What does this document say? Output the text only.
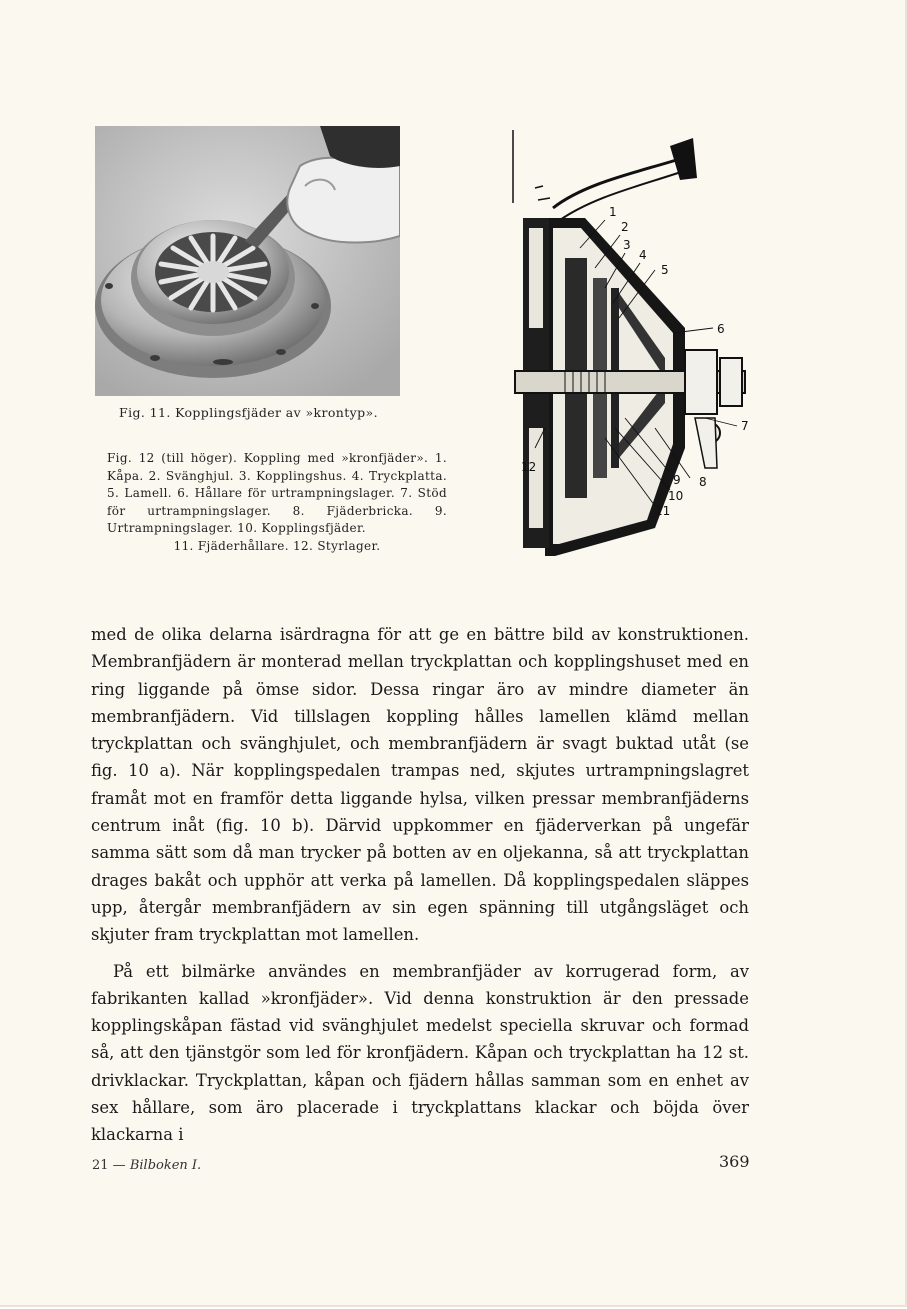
Fig. 11. Kopplingsfjäder av »krontyp».
Fig. 12 (till höger). Koppling med »kronfjäder». 1. Kåpa. 2. Svänghjul. 3. Kopplingshus. 4. Tryckplatta. 5. Lamell. 6. Hållare för urtrampningslager. 7. Stöd för urtrampningslager. 8. Fjäderbricka. 9. Urtrampningslager. 10. Kopplingsfjäder.
11. Fjäderhållare. 12. Styrlager.
1
2
3
4
5
6
7
8
9
10
11
12

med de olika delarna isärdragna för att ge en bättre bild av konstruktionen. Membranfjädern är monterad mellan tryckplattan och kopplingshuset med en ring liggande på ömse sidor. Dessa ringar äro av mindre diameter än membranfjädern. Vid tillslagen koppling hålles lamellen klämd mellan tryckplattan och svänghjulet, och membranfjädern är svagt buktad utåt (se fig. 10 a). När kopplingspedalen trampas ned, skjutes urtrampningslagret framåt mot en framför detta liggande hylsa, vilken pressar membranfjäderns centrum inåt (fig. 10 b). Därvid uppkommer en fjäderverkan på ungefär samma sätt som då man trycker på botten av en oljekanna, så att tryckplattan drages bakåt och upphör att verka på lamellen. Då kopplingspedalen släppes upp, återgår membranfjädern av sin egen spänning till utgångsläget och skjuter fram tryckplattan mot lamellen.

På ett bilmärke användes en membranfjäder av korrugerad form, av fabrikanten kallad »kronfjäder». Vid denna konstruktion är den pressade kopplingskåpan fästad vid svänghjulet medelst speciella skruvar och formad så, att den tjänstgör som led för kronfjädern. Kåpan och tryckplattan ha 12 st. drivklackar. Tryckplattan, kåpan och fjädern hållas samman som en enhet av sex hållare, som äro placerade i tryckplattans klackar och böjda över klackarna i

21 — Bilboken I.	369
